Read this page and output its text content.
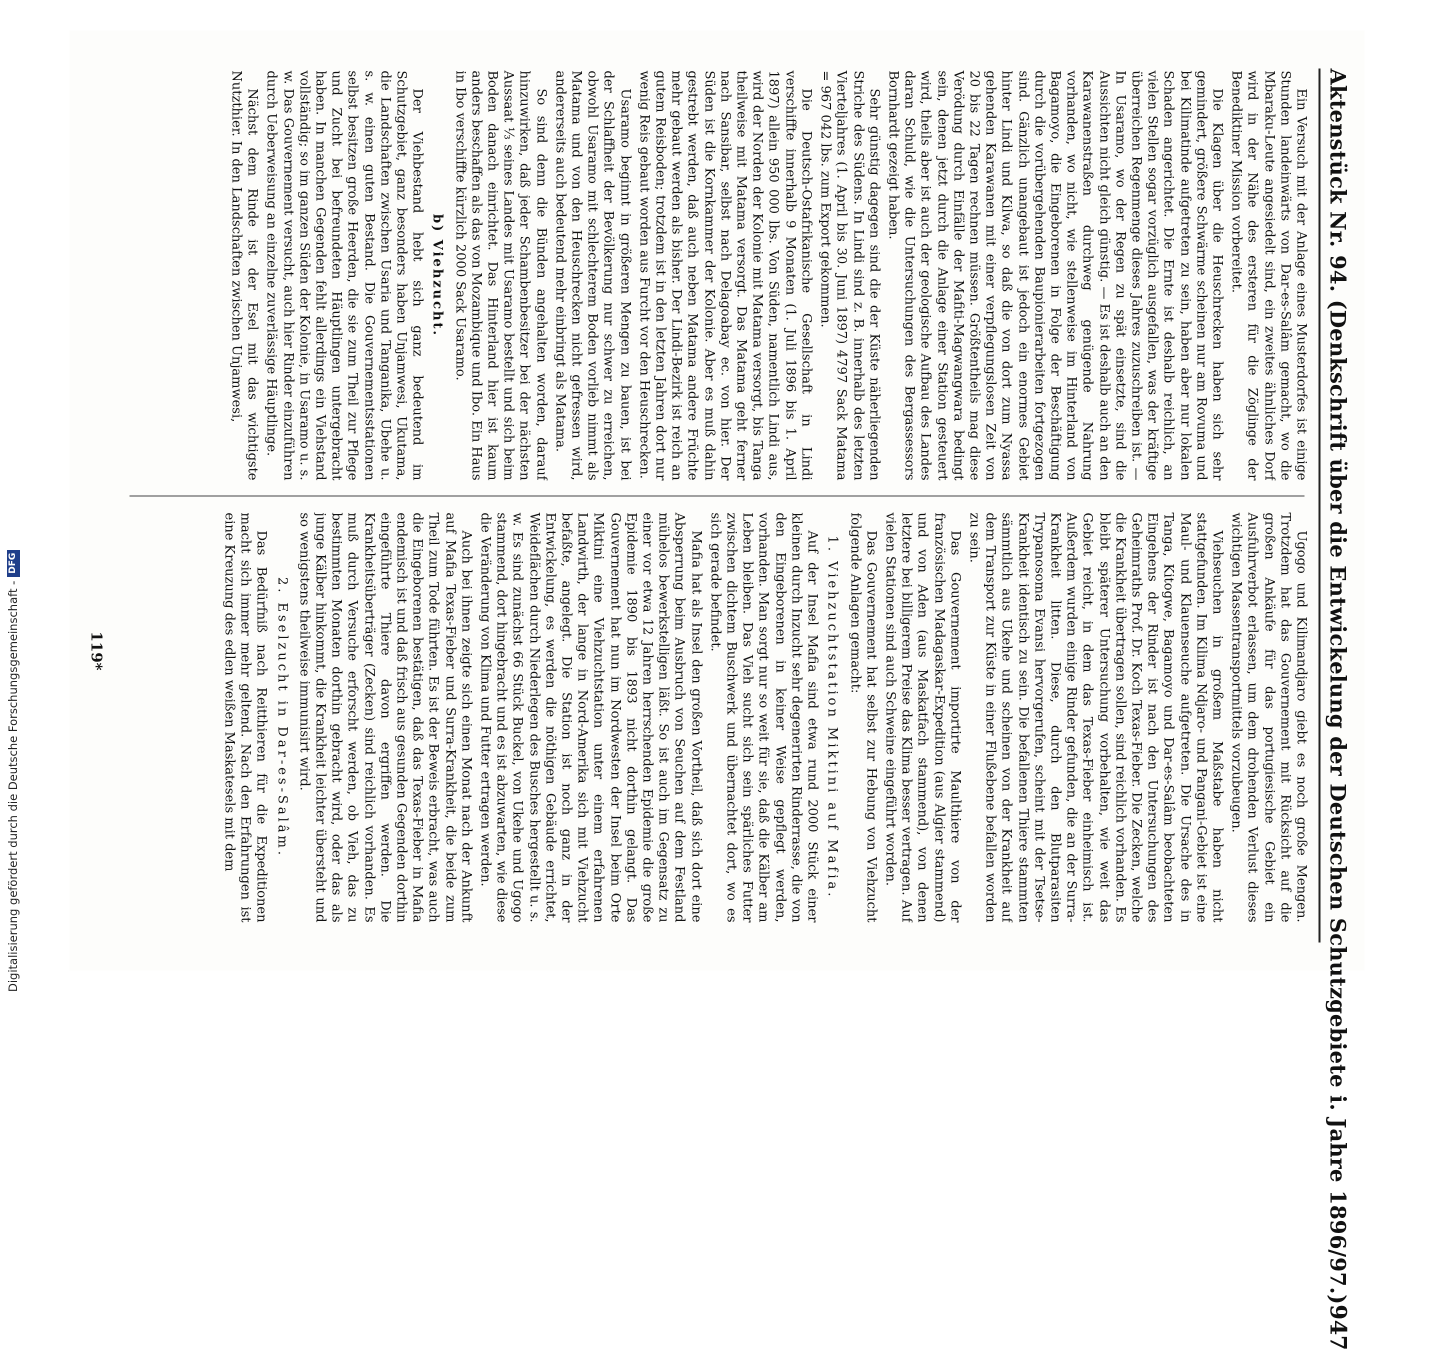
Aktenstück Nr. 94. (Denkschrift über die Entwickelung der Deutschen Schutzgebiete i. Jahre 1896/97.)
947

Ein Versuch mit der Anlage eines Musterdorfes ist einige Stunden landeinwärts von Dar-es-Salâm gemacht, wo die Mbaraku-Leute angesiedelt sind, ein zweites ähnliches Dorf wird in der Nähe des ersteren für die Zöglinge der Benediktiner Mission vorbereitet.

Die Klagen über die Heuschrecken haben sich sehr gemindert, größere Schwärme scheinen nur am Rovuma und bei Kilimatinde aufgetreten zu sein, haben aber nur lokalen Schaden angerichtet. Die Ernte ist deshalb reichlich, an vielen Stellen sogar vorzüglich ausgefallen, was der kräftige überreichen Regenmenge dieses Jahres zuzuschreiben ist. — In Usaramo, wo der Regen zu spät einsetzte, sind die Aussichten nicht gleich günstig. — Es ist deshalb auch an den Karawanenstraßen durchweg genügende Nahrung vorhanden, wo nicht, wie stellenweise im Hinterland von Bagamoyo, die Eingeborenen in Folge der Beschäftigung durch die vorübergehenden Baupionierarbeiten fortgezogen sind. Gänzlich unangebaut ist jedoch ein enormes Gebiet hinter Lindi und Kilwa, so daß die von dort zum Nyassa gehenden Karawanen mit einer verpflegungslosen Zeit von 20 bis 22 Tagen rechnen müssen. Größtentheils mag diese Verödung durch Einfälle der Mafiti-Magwangwara bedingt sein, denen jetzt durch die Anlage einer Station gesteuert wird, theils aber ist auch der geologische Aufbau des Landes daran Schuld, wie die Untersuchungen des Bergassessors Bornhardt gezeigt haben.

Sehr günstig dagegen sind die der Küste näherliegenden Striche des Südens. In Lindi sind z. B. innerhalb des letzten Vierteljahres (1. April bis 30. Juni 1897) 4797 Sack Matama = 967 042 lbs. zum Export gekommen.

Die Deutsch-Ostafrikanische Gesellschaft in Lindi verschiffte innerhalb 9 Monaten (1. Juli 1896 bis 1. April 1897) allein 950 000 lbs. Von Süden, namentlich Lindi aus, wird der Norden der Kolonie mit Matama versorgt, bis Tanga theilweise mit Matama versorgt. Das Matama geht ferner nach Sansibar, selbst nach Delagoabay ec. von hier. Der Süden ist die Kornkammer der Kolonie. Aber es muß dahin gestrebt werden, daß auch neben Matama andere Früchte mehr gebaut werden als bisher. Der Lindi-Bezirk ist reich an gutem Reisboden; trotzdem ist in den letzten Jahren dort nur wenig Reis gebaut worden aus Furcht vor den Heuschrecken.

Usaramo beginnt in größeren Mengen zu bauen, ist bei der Schlaffheit der Bevölkerung nur schwer zu erreichen, obwohl Usaramo mit schlechterem Boden vorlieb nimmt als Matama und von den Heuschrecken nicht gefressen wird, andererseits auch bedeutend mehr einbringt als Matama.

So sind denn die Bünden angehalten worden, darauf hinzuwirken, daß jeder Schambenbesitzer bei der nächsten Aussaat ⅓ seines Landes mit Usaramo bestellt und sich beim Boden danach einrichtet. Das Hinterland hier ist kaum anders beschaffen als das von Mozambique und Ibo. Ein Haus in Ibo verschiffte kürzlich 2000 Sack Usaramo.

b) Viehzucht.

Der Viehbestand hebt sich ganz bedeutend im Schutzgebiet, ganz besonders haben Unjamwesi, Ukutama, die Landschaften zwischen Usaria und Tanganika, Ubehe u. s. w. einen guten Bestand. Die Gouvernementsstationen selbst besitzen große Heerden, die sie zum Theil zur Pflege und Zucht bei befreundeten Häuptlingen untergebracht haben. In manchen Gegenden fehlt allerdings ein Viehstand vollständig; so im ganzen Süden der Kolonie, in Usaramo u. s. w. Das Gouvernement versucht, auch hier Rinder einzuführen durch Ueberweisung an einzelne zuverlässige Häuptlinge.

Nächst dem Rinde ist der Esel mit das wichtigste Nutzthier. In den Landschaften zwischen Unjamwesi,

Ugogo und Kilimandjaro giebt es noch große Mengen. Trotzdem hat das Gouvernement mit Rücksicht auf die großen Ankäufe für das portugiesische Gebiet ein Ausfuhrverbot erlassen, um dem drohenden Verlust dieses wichtigen Massentransportmittels vorzubeugen.

Viehseuchen in großem Maßstabe haben nicht stattgefunden. Im Kilima Ndjaro- und Pangani-Gebiet ist eine Maul- und Klauenseuche aufgetreten. Die Ursache des in Tanga, Kitogwe, Bagamoyo und Dar-es-Salâm beobachteten Eingehens der Rinder ist nach den Untersuchungen des Geheimraths Prof. Dr. Koch Texas-Fieber. Die Zecken, welche die Krankheit übertragen sollen, sind reichlich vorhanden. Es bleibt späterer Untersuchung vorbehalten, wie weit das Gebiet reicht, in dem das Texas-Fieber einheimisch ist. Außerdem wurden einige Rinder gefunden, die an der Surra-Krankheit litten. Diese, durch den Blutparasiten Trypanosoma Evansi hervorgerufen, scheint mit der Tsetse-Krankheit identisch zu sein. Die befallenen Thiere stammten sämmtlich aus Ukehe und scheinen von der Krankheit auf dem Transport zur Küste in einer Flußebene befallen worden zu sein.

Das Gouvernement importirte Maulthiere von der französischen Madagaskar-Expedition (aus Algier stammend) und von Aden (aus Maskatfach stammend), von denen letztere bei billigerem Preise das Klima besser vertragen. Auf vielen Stationen sind auch Schweine eingeführt worden.

Das Gouvernement hat selbst zur Hebung von Viehzucht folgende Anlagen gemacht:

1. Viehzuchtstation Miktini auf Mafia.

Auf der Insel Mafia sind etwa rund 2000 Stück einer kleinen durch Inzucht sehr degenerirten Rinderrasse, die von den Eingeborenen in keiner Weise gepflegt werden, vorhanden. Man sorgt nur so weit für sie, daß die Kälber am Leben bleiben. Das Vieh sucht sich sein spärliches Futter zwischen dichtem Buschwerk und übernachtet dort, wo es sich gerade befindet.

Mafia hat als Insel den großen Vortheil, daß sich dort eine Absperrung beim Ausbruch von Seuchen auf dem Festland mühelos bewerkstelligen läßt. So ist auch im Gegensatz zu einer vor etwa 12 Jahren herrschenden Epidemie die große Epidemie 1890 bis 1893 nicht dorthin gelangt. Das Gouvernement hat nun im Nordwesten der Insel beim Orte Miktini eine Viehzuchtstation unter einem erfahrenen Landwirth, der lange in Nord-Amerika sich mit Viehzucht befaßte, angelegt. Die Station ist noch ganz in der Entwickelung, es werden die nöthigen Gebäude errichtet, Weideflächen durch Niederlegen des Busches hergestellt u. s. w. Es sind zunächst 66 Stück Buckel, von Ukehe und Ugogo stammend, dort hingebracht und es ist abzuwarten, wie diese die Veränderung von Klima und Futter ertragen werden.

Auch bei ihnen zeigte sich einen Monat nach der Ankunft auf Mafia Texas-Fieber und Surra-Krankheit, die beide zum Theil zum Tode führten. Es ist der Beweis erbracht, was auch die Eingeborenen bestätigen, daß das Texas-Fieber in Mafia endemisch ist und daß frisch aus gesunden Gegenden dorthin eingeführte Thiere davon ergriffen werden. Die Krankheitsüberträger (Zecken) sind reichlich vorhanden. Es muß durch Versuche erforscht werden, ob Vieh, das zu bestimmten Monaten dorthin gebracht wird, oder das als junge Kälber hinkommt, die Krankheit leichter übersteht und so wenigstens theilweise immunisirt wird.

2. Eselzucht in Dar-es-Salâm.

Das Bedürfniß nach Reitthieren für die Expeditionen macht sich immer mehr geltend. Nach den Erfahrungen ist eine Kreuzung des edlen weißen Maskatesels mit dem

119*
Digitalisierung gefördert durch die Deutsche Forschungsgemeinschaft -
DFG
